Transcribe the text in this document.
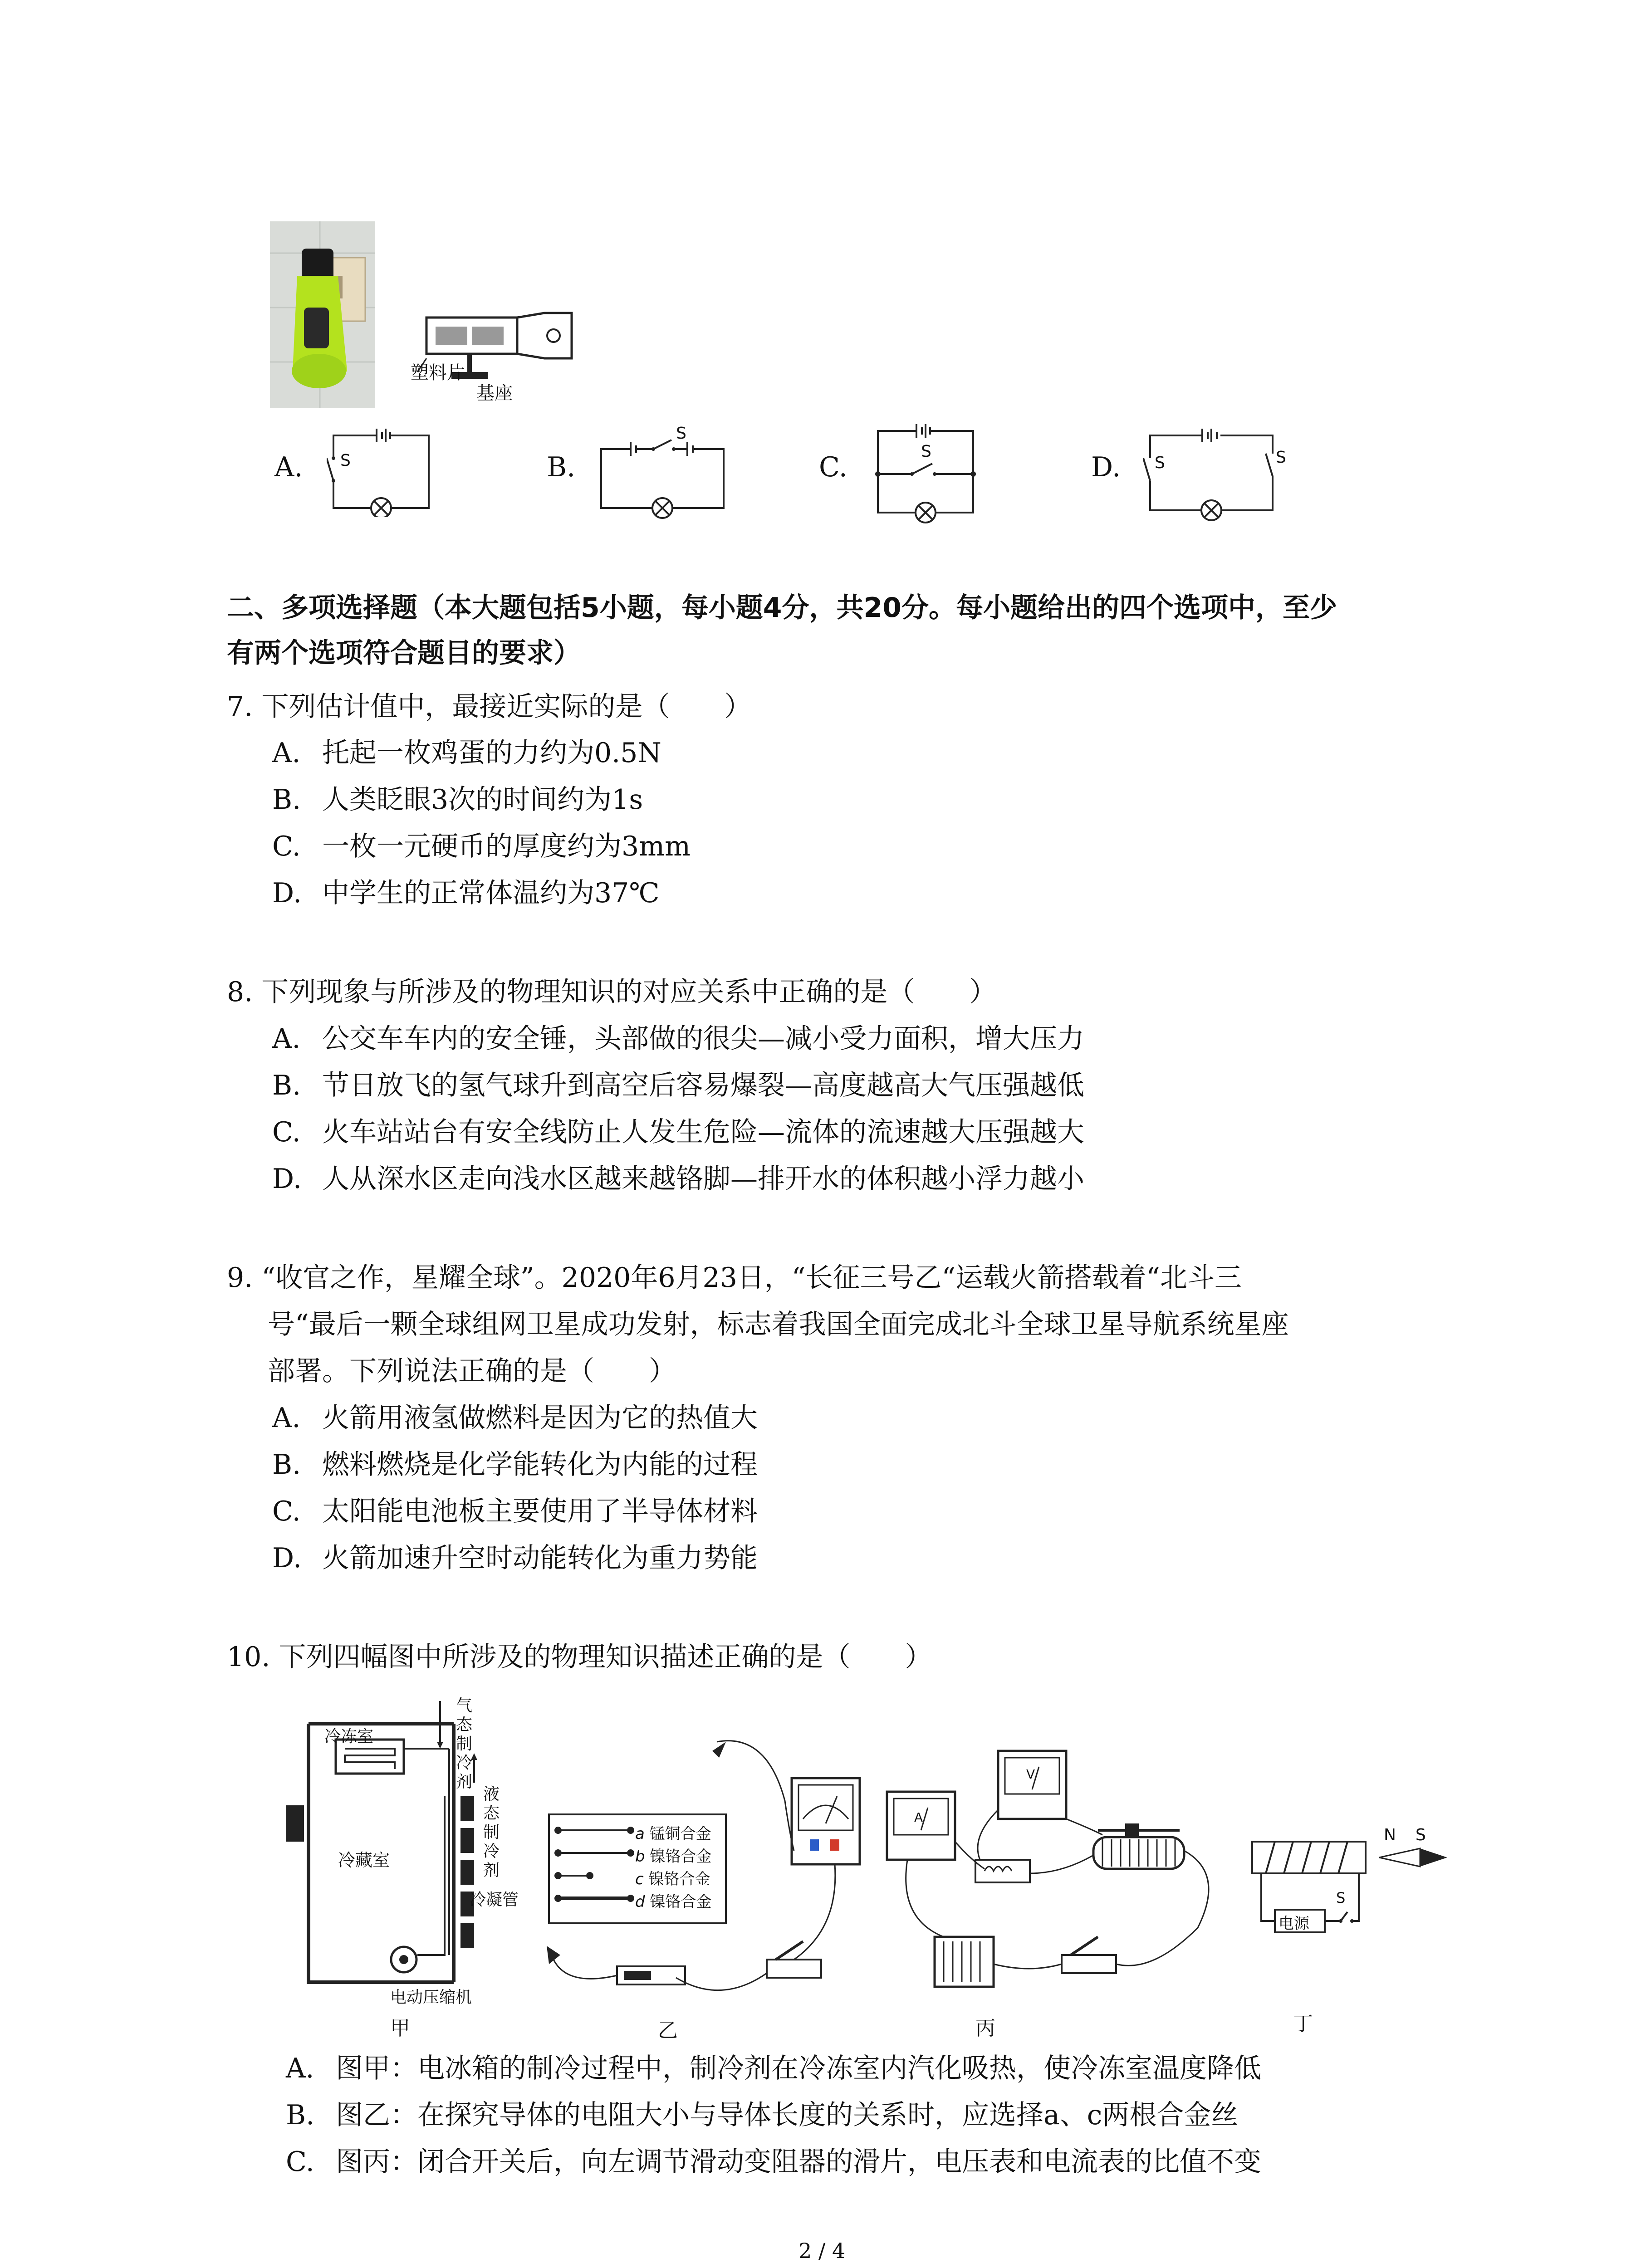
塑料片
基座
A. S	B.
S
C.	S	D. S	S
二、多项选择题（本大题包括5小题，每小题4分，共20分。每小题给出的四个选项中，至少
有两个选项符合题目的要求）
7. 下列估计值中，最接近实际的是（　　）
A. 托起一枚鸡蛋的力约为0.5N
B. 人类眨眼3次的时间约为1s
C. 一枚一元硬币的厚度约为3mm
D. 中学生的正常体温约为37℃
8. 下列现象与所涉及的物理知识的对应关系中正确的是（　　）
A. 公交车车内的安全锤，头部做的很尖—减小受力面积，增大压力
B. 节日放飞的氢气球升到高空后容易爆裂—高度越高大气压强越低
C. 火车站站台有安全线防止人发生危险—流体的流速越大压强越大
D. 人从深水区走向浅水区越来越铬脚—排开水的体积越小浮力越小
9. “收官之作，星耀全球”。2020年6月23日，“长征三号乙“运载火箭搭载着“北斗三
号“最后一颗全球组网卫星成功发射，标志着我国全面完成北斗全球卫星导航系统星座
部署。下列说法正确的是（　　）
A. 火箭用液氢做燃料是因为它的热值大
B. 燃料燃烧是化学能转化为内能的过程
C. 太阳能电池板主要使用了半导体材料
D. 火箭加速升空时动能转化为重力势能
10. 下列四幅图中所涉及的物理知识描述正确的是（　　）
冷冻室
冷藏室
气态制冷剂
液态制冷剂
冷凝管
电动压缩机
甲
a 锰铜合金
b 镍铬合金
c 镍铬合金
d 镍铬合金
乙
A
V
丙
电源
S
N S
丁
A. 图甲：电冰箱的制冷过程中，制冷剂在冷冻室内汽化吸热，使冷冻室温度降低
B. 图乙：在探究导体的电阻大小与导体长度的关系时，应选择a、c两根合金丝
C. 图丙：闭合开关后，向左调节滑动变阻器的滑片，电压表和电流表的比值不变
2 / 4
